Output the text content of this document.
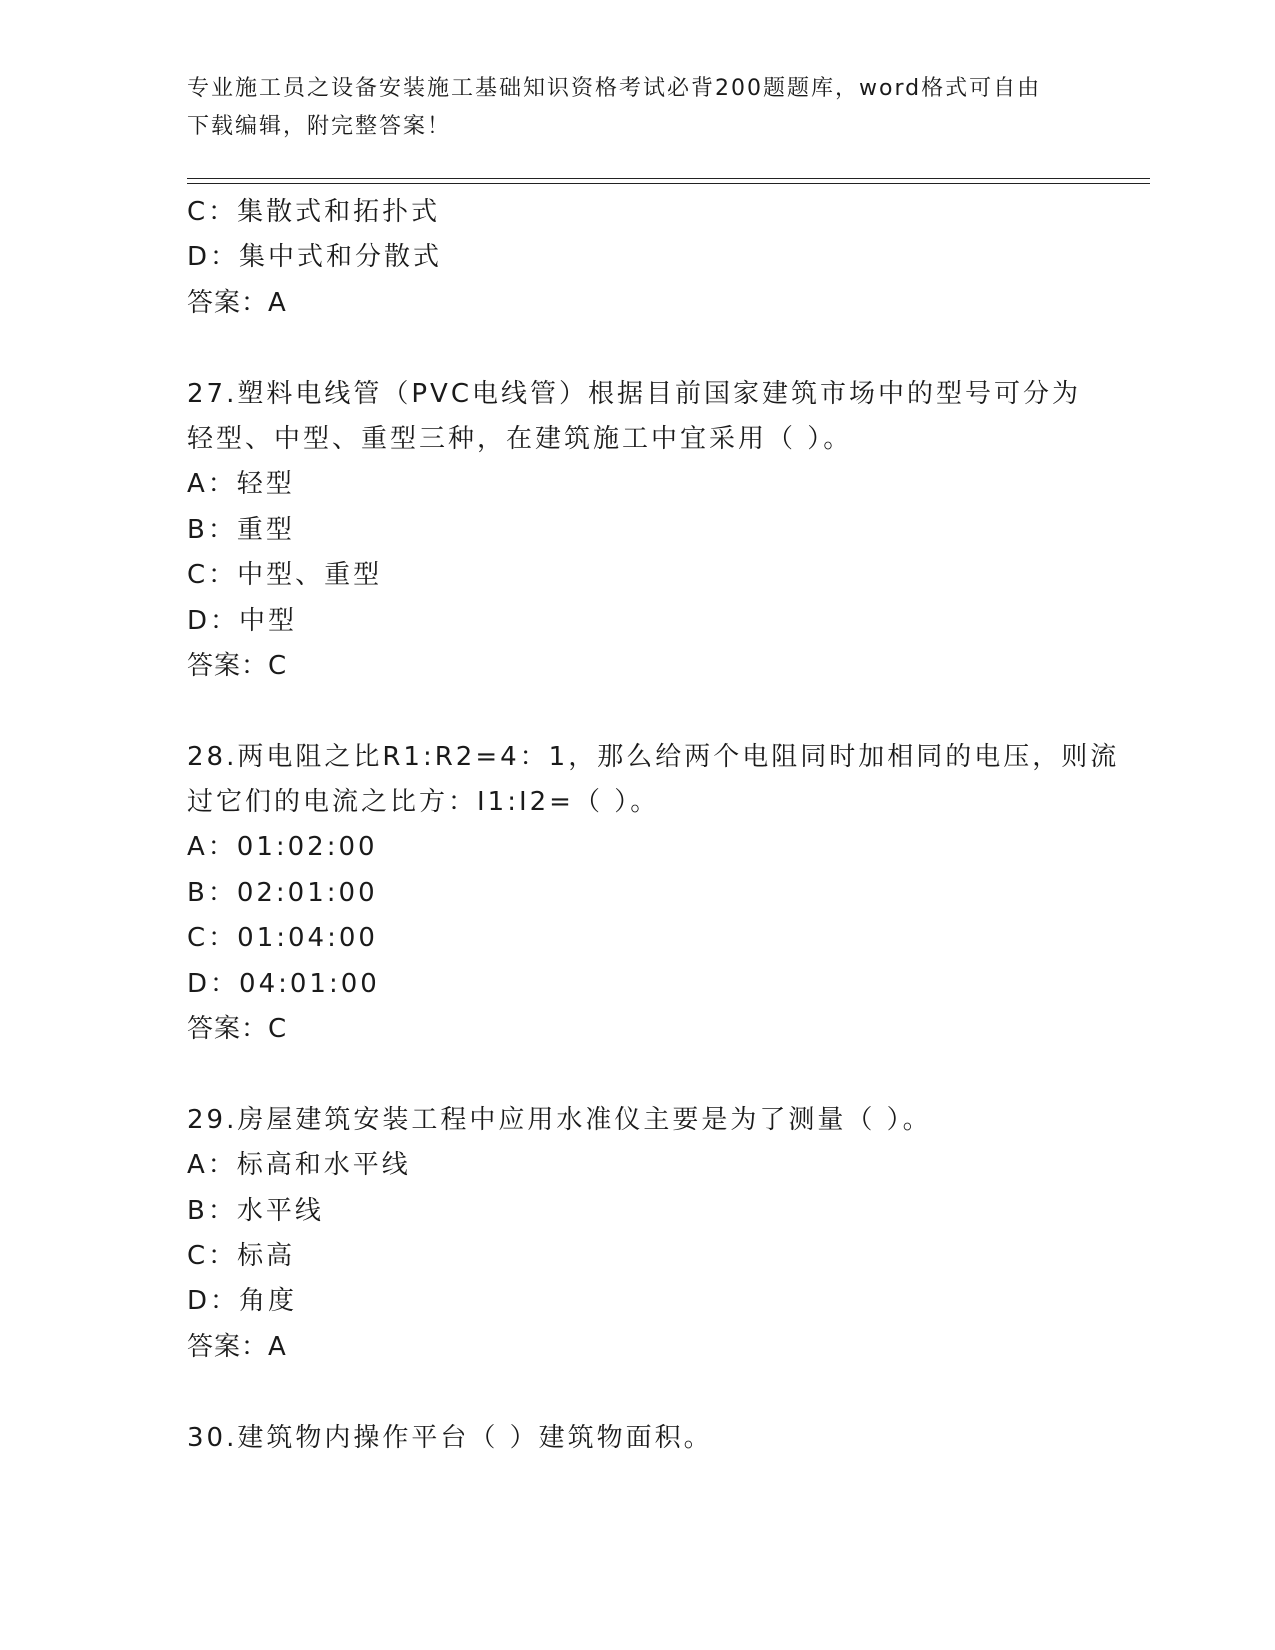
专业施工员之设备安装施工基础知识资格考试必背200题题库，word格式可自由
下载编辑，附完整答案！
C：集散式和拓扑式
D：集中式和分散式
答案：A
27.塑料电线管（PVC电线管）根据目前国家建筑市场中的型号可分为
轻型、中型、重型三种，在建筑施工中宜采用（ ）。
A：轻型
B：重型
C：中型、重型
D：中型
答案：C
28.两电阻之比R1:R2=4：1，那么给两个电阻同时加相同的电压，则流
过它们的电流之比方：I1:I2=（ ）。
A：01:02:00
B：02:01:00
C：01:04:00
D：04:01:00
答案：C
29.房屋建筑安装工程中应用水准仪主要是为了测量（ ）。
A：标高和水平线
B：水平线
C：标高
D：角度
答案：A
30.建筑物内操作平台（ ）建筑物面积。
